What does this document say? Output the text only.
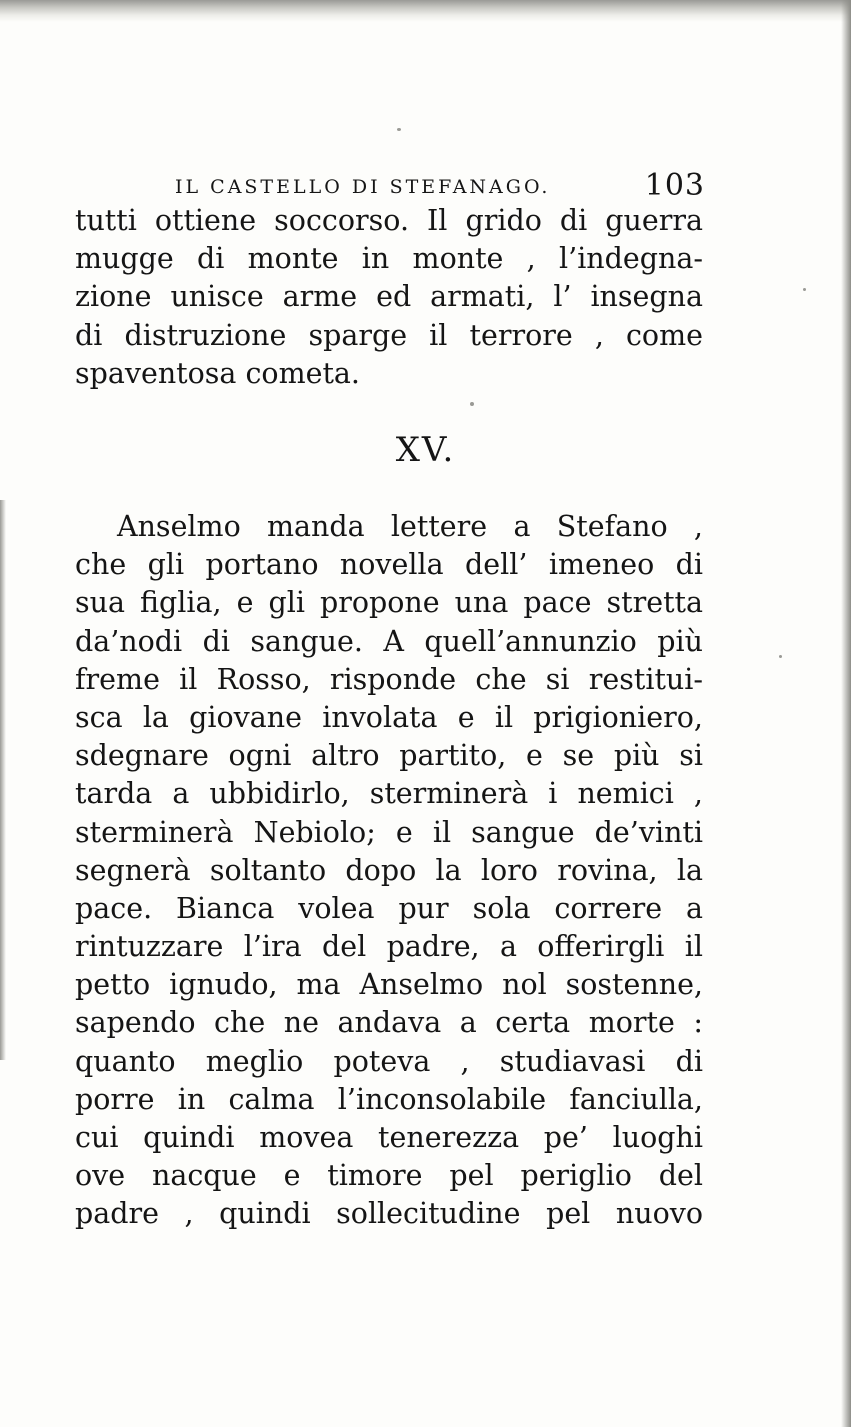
IL CASTELLO DI STEFANAGO.	103
tutti ottiene soccorso. Il grido di guerra
mugge di monte in monte , l’indegna-
zione unisce arme ed armati, l’ insegna
di distruzione sparge il terrore , come
spaventosa cometa.
XV.
Anselmo manda lettere a Stefano ,
che gli portano novella dell’ imeneo di
sua figlia, e gli propone una pace stretta
da’nodi di sangue. A quell’annunzio più
freme il Rosso, risponde che si restitui-
sca la giovane involata e il prigioniero,
sdegnare ogni altro partito, e se più si
tarda a ubbidirlo, sterminerà i nemici ,
sterminerà Nebiolo; e il sangue de’vinti
segnerà soltanto dopo la loro rovina, la
pace. Bianca volea pur sola correre a
rintuzzare l’ira del padre, a offerirgli il
petto ignudo, ma Anselmo nol sostenne,
sapendo che ne andava a certa morte :
quanto meglio poteva , studiavasi di
porre in calma l’inconsolabile fanciulla,
cui quindi movea tenerezza pe’ luoghi
ove nacque e timore pel periglio del
padre , quindi sollecitudine pel nuovo
